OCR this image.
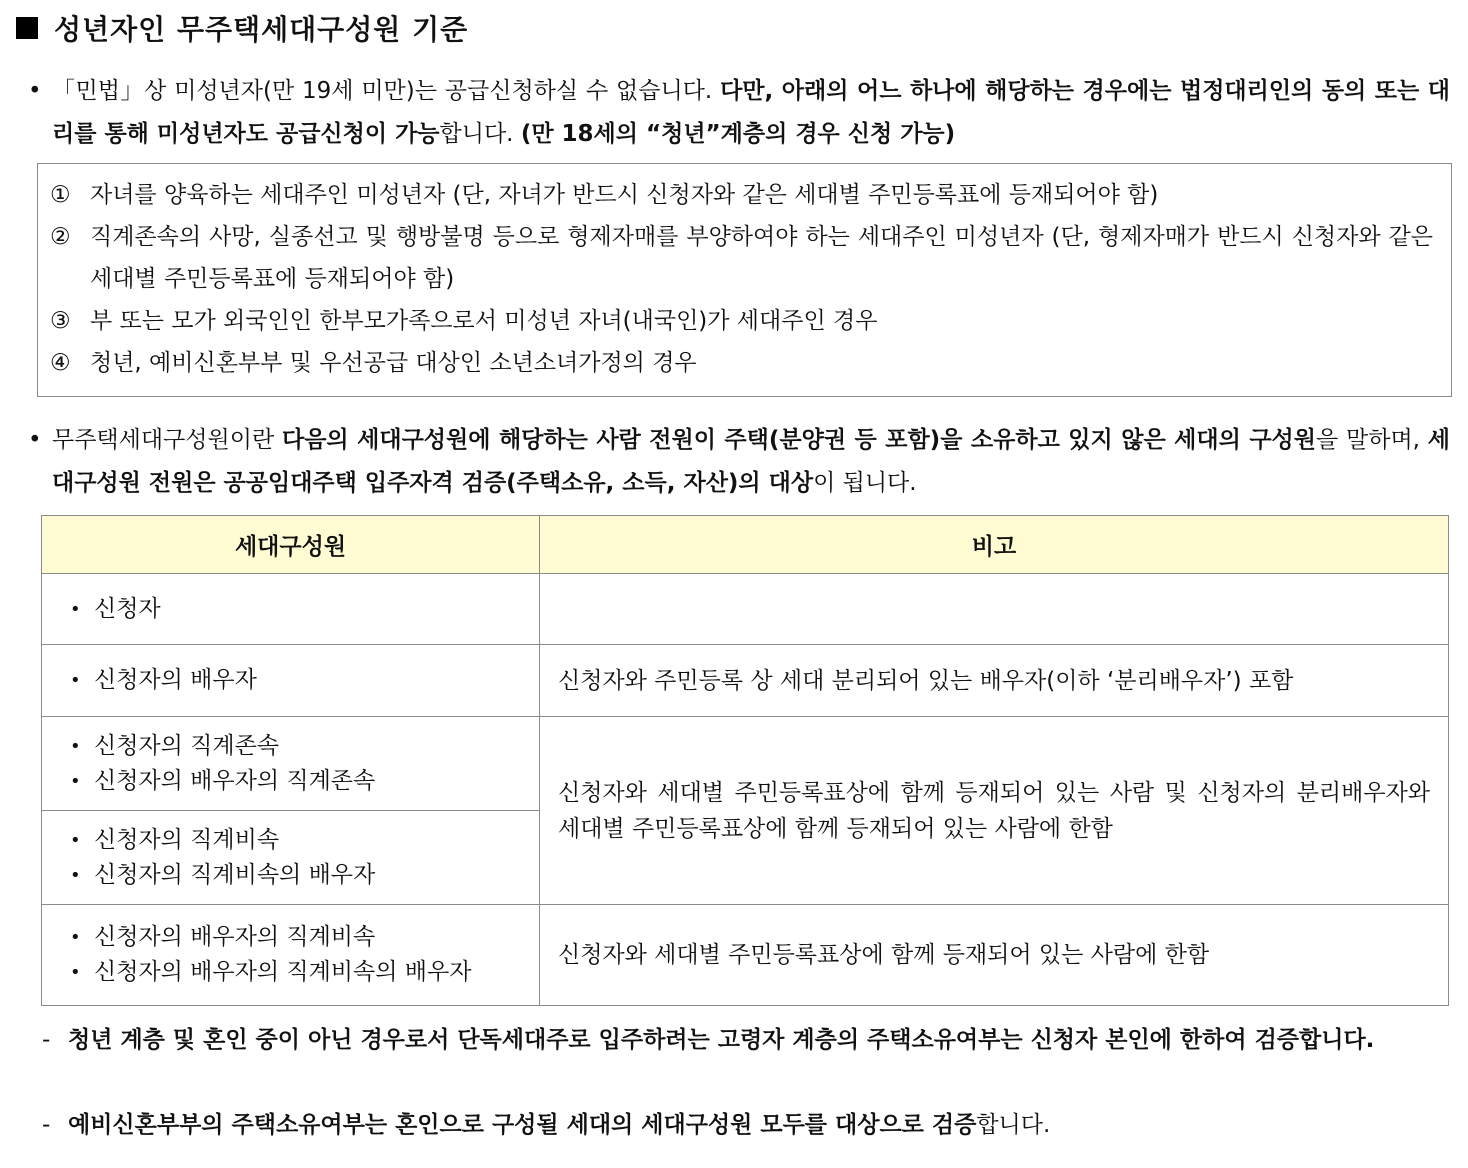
성년자인 무주택세대구성원 기준
• 「민법」상 미성년자(만 19세 미만)는 공급신청하실 수 없습니다. 다만, 아래의 어느 하나에 해당하는 경우에는 법정대리인의 동의 또는 대리를 통해 미성년자도 공급신청이 가능합니다. (만 18세의 “청년”계층의 경우 신청 가능)
① 자녀를 양육하는 세대주인 미성년자 (단, 자녀가 반드시 신청자와 같은 세대별 주민등록표에 등재되어야 함)
② 직계존속의 사망, 실종선고 및 행방불명 등으로 형제자매를 부양하여야 하는 세대주인 미성년자 (단, 형제자매가 반드시 신청자와 같은 세대별 주민등록표에 등재되어야 함)
③ 부 또는 모가 외국인인 한부모가족으로서 미성년 자녀(내국인)가 세대주인 경우
④ 청년, 예비신혼부부 및 우선공급 대상인 소년소녀가정의 경우
• 무주택세대구성원이란 다음의 세대구성원에 해당하는 사람 전원이 주택(분양권 등 포함)을 소유하고 있지 않은 세대의 구성원을 말하며, 세대구성원 전원은 공공임대주택 입주자격 검증(주택소유, 소득, 자산)의 대상이 됩니다.
세대구성원	비고

• 신청자

• 신청자의 배우자	신청자와 주민등록 상 세대 분리되어 있는 배우자(이하 ‘분리배우자’) 포함

• 신청자의 직계존속
• 신청자의 배우자의 직계존속	신청자와 세대별 주민등록표상에 함께 등재되어 있는 사람 및 신청자의 분리배우자와 세대별 주민등록표상에 함께 등재되어 있는 사람에 한함

• 신청자의 직계비속
• 신청자의 직계비속의 배우자

• 신청자의 배우자의 직계비속
• 신청자의 배우자의 직계비속의 배우자	신청자와 세대별 주민등록표상에 함께 등재되어 있는 사람에 한함
- 청년 계층 및 혼인 중이 아닌 경우로서 단독세대주로 입주하려는 고령자 계층의 주택소유여부는 신청자 본인에 한하여 검증합니다.
- 예비신혼부부의 주택소유여부는 혼인으로 구성될 세대의 세대구성원 모두를 대상으로 검증합니다.
